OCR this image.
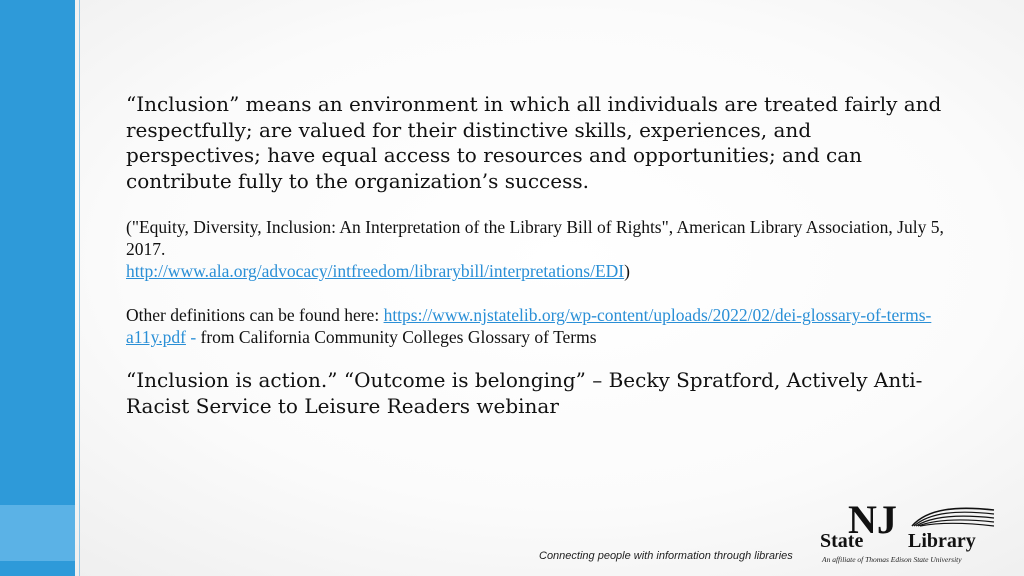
“Inclusion” means an environment in which all individuals are treated fairly and respectfully; are valued for their distinctive skills, experiences, and perspectives; have equal access to resources and opportunities; and can contribute fully to the organization’s success.

("Equity, Diversity, Inclusion: An Interpretation of the Library Bill of Rights", American Library Association, July 5, 2017.
http://www.ala.org/advocacy/intfreedom/librarybill/interpretations/EDI)

Other definitions can be found here: https://www.njstatelib.org/wp-content/uploads/2022/02/dei-glossary-of-terms-a11y.pdf - from California Community Colleges Glossary of Terms

“Inclusion is action.” “Outcome is belonging” – Becky Spratford, Actively Anti-Racist Service to Leisure Readers webinar

Connecting people with information through libraries
NJ
State Library
An affiliate of Thomas Edison State University
